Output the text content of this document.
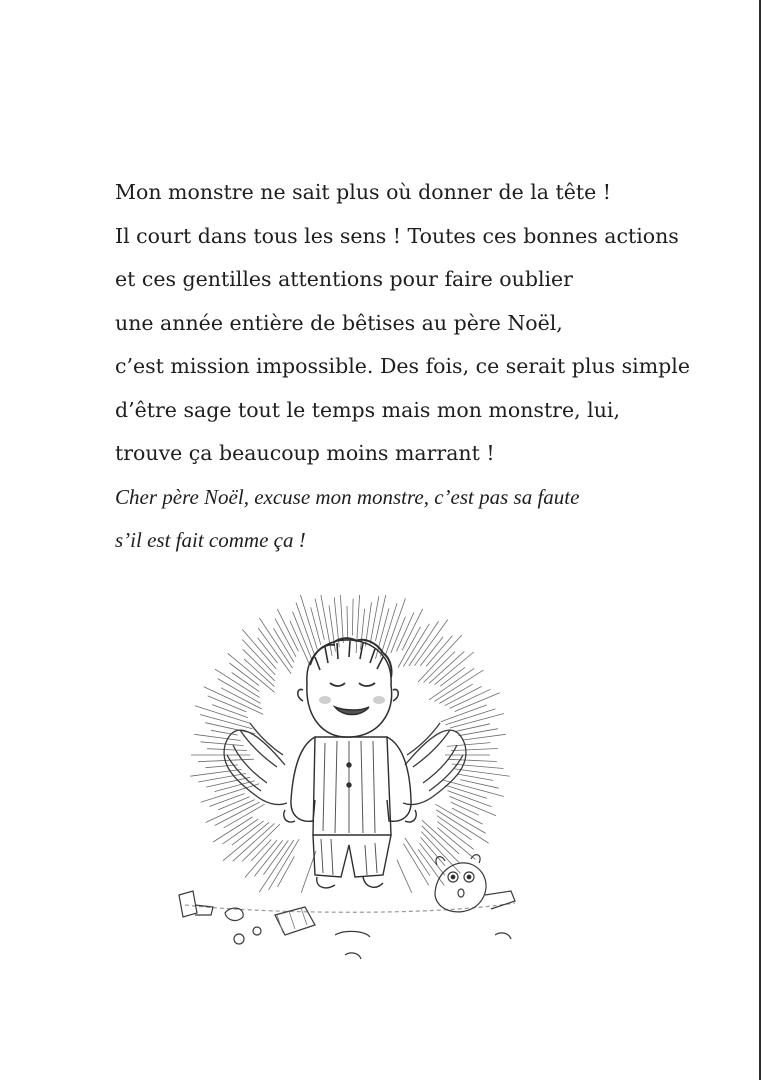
Mon monstre ne sait plus où donner de la tête !
Il court dans tous les sens ! Toutes ces bonnes actions
et ces gentilles attentions pour faire oublier
une année entière de bêtises au père Noël,
c’est mission impossible. Des fois, ce serait plus simple
d’être sage tout le temps mais mon monstre, lui,
trouve ça beaucoup moins marrant !
Cher père Noël, excuse mon monstre, c’est pas sa faute
s’il est fait comme ça !
